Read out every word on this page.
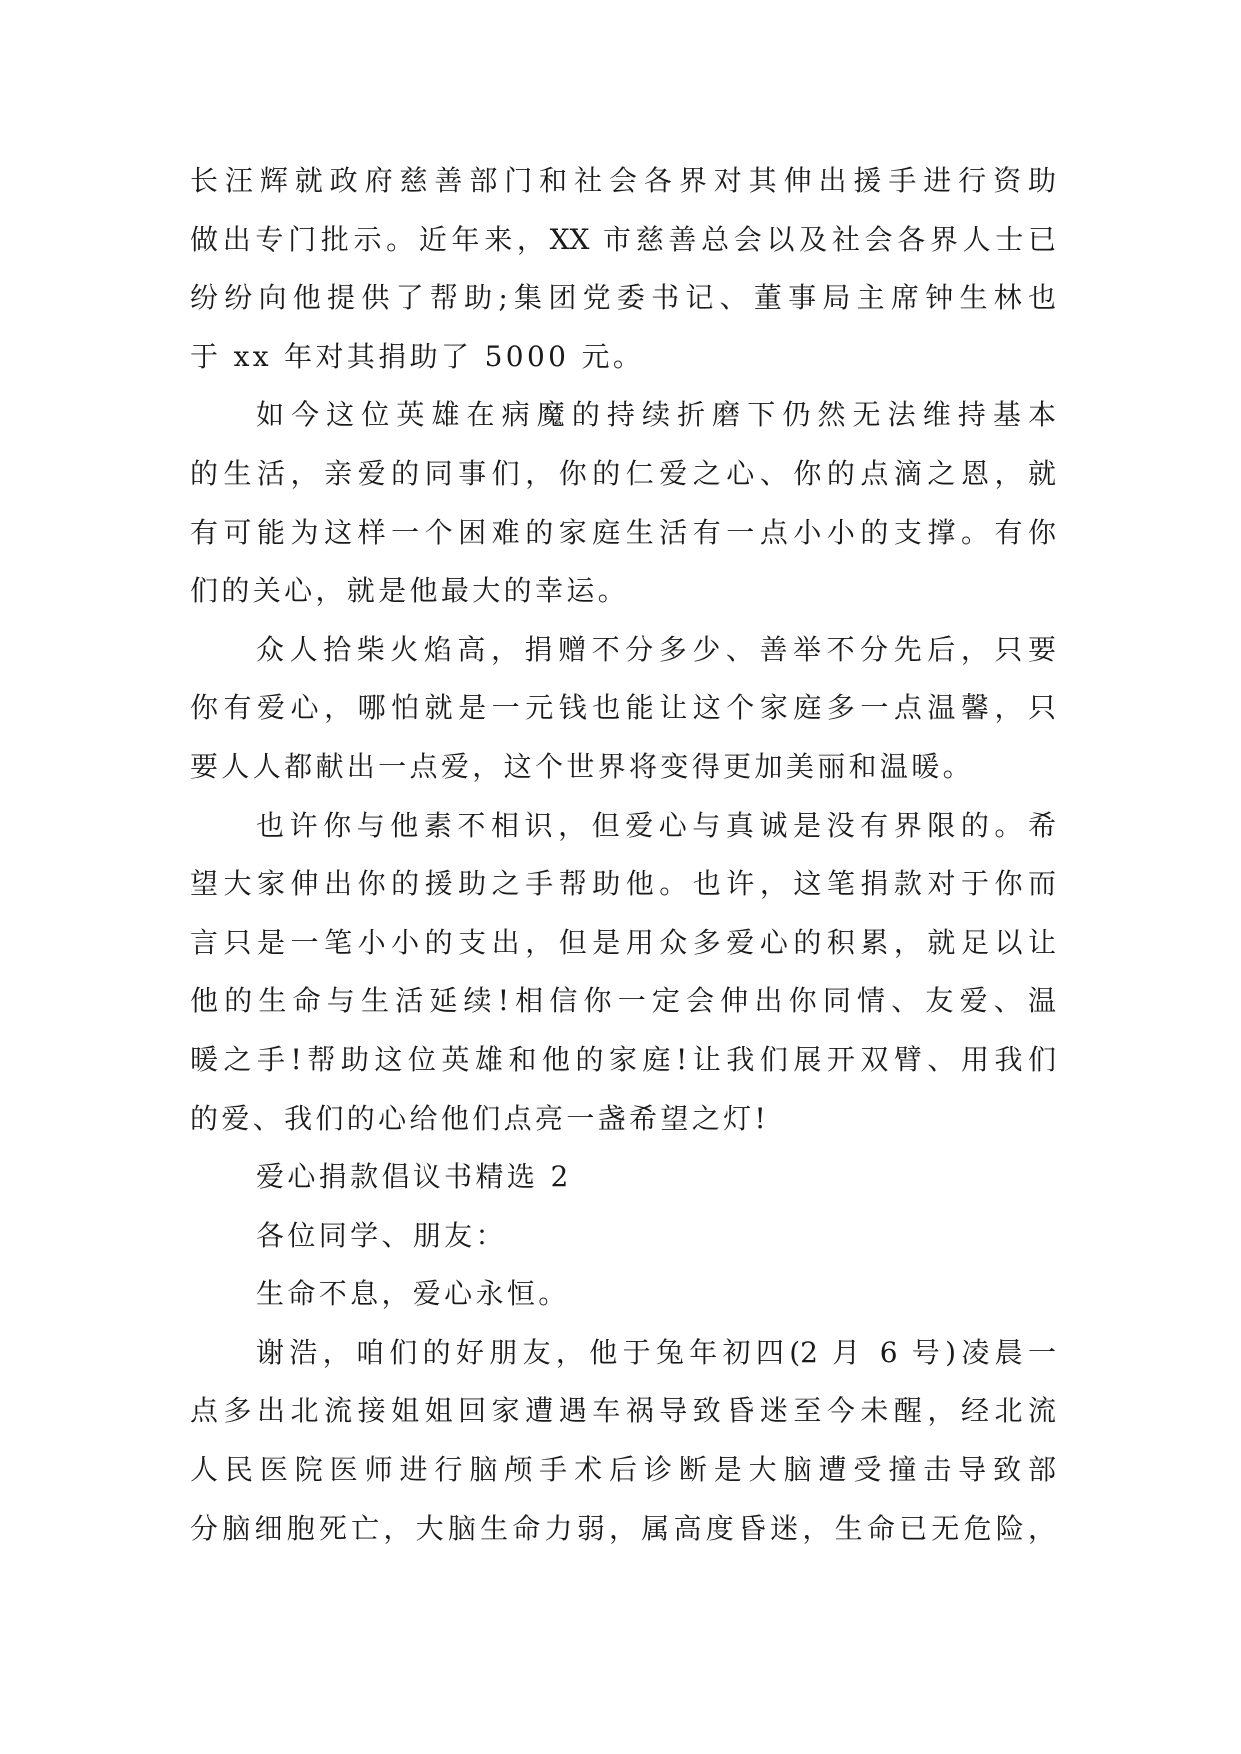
长汪辉就政府慈善部门和社会各界对其伸出援手进行资助
做出专门批示。近年来，XX 市慈善总会以及社会各界人士已
纷纷向他提供了帮助;集团党委书记、董事局主席钟生林也
于 xx 年对其捐助了 5000 元。
如今这位英雄在病魔的持续折磨下仍然无法维持基本
的生活，亲爱的同事们，你的仁爱之心、你的点滴之恩，就
有可能为这样一个困难的家庭生活有一点小小的支撑。有你
们的关心，就是他最大的幸运。
众人拾柴火焰高，捐赠不分多少、善举不分先后，只要
你有爱心，哪怕就是一元钱也能让这个家庭多一点温馨，只
要人人都献出一点爱，这个世界将变得更加美丽和温暖。
也许你与他素不相识，但爱心与真诚是没有界限的。希
望大家伸出你的援助之手帮助他。也许，这笔捐款对于你而
言只是一笔小小的支出，但是用众多爱心的积累，就足以让
他的生命与生活延续!相信你一定会伸出你同情、友爱、温
暖之手!帮助这位英雄和他的家庭!让我们展开双臂、用我们
的爱、我们的心给他们点亮一盏希望之灯!
爱心捐款倡议书精选 2
各位同学、朋友：
生命不息，爱心永恒。
谢浩，咱们的好朋友，他于兔年初四(2 月 6 号)凌晨一
点多出北流接姐姐回家遭遇车祸导致昏迷至今未醒，经北流
人民医院医师进行脑颅手术后诊断是大脑遭受撞击导致部
分脑细胞死亡，大脑生命力弱，属高度昏迷，生命已无危险，
